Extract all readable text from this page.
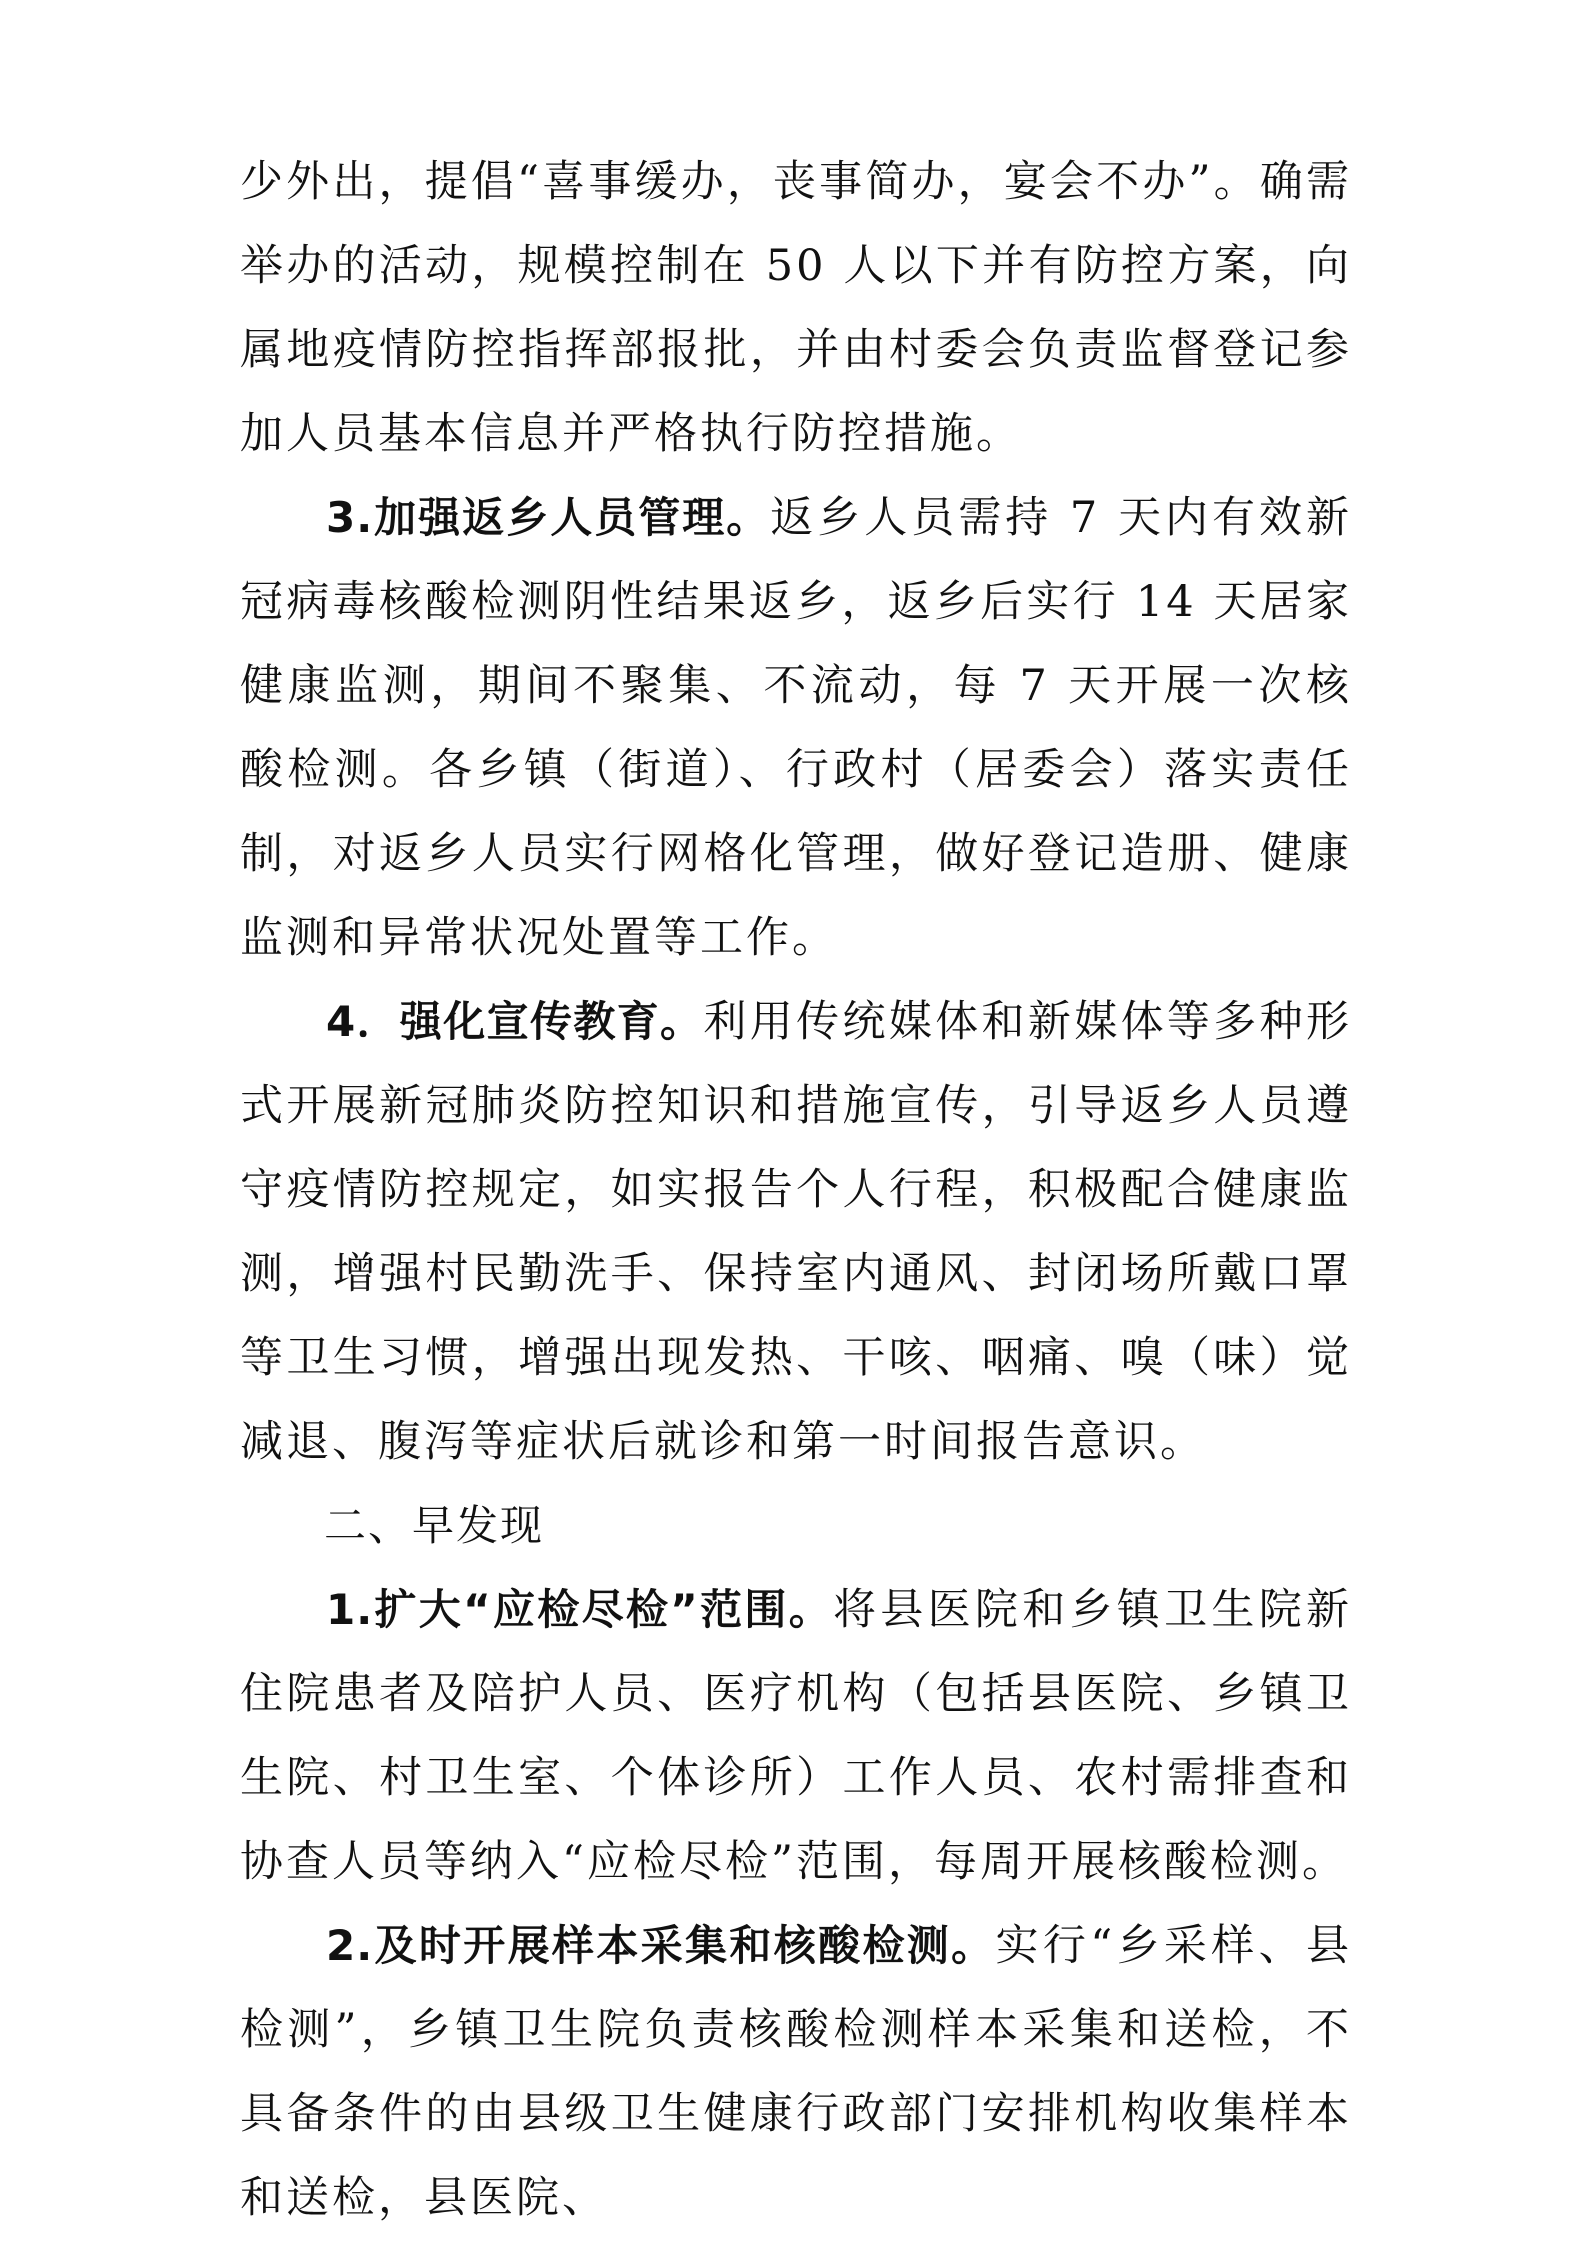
少外出，提倡“喜事缓办，丧事简办，宴会不办”。确需举办的活动，规模控制在 50 人以下并有防控方案，向属地疫情防控指挥部报批，并由村委会负责监督登记参加人员基本信息并严格执行防控措施。

3.加强返乡人员管理。返乡人员需持 7 天内有效新冠病毒核酸检测阴性结果返乡，返乡后实行 14 天居家健康监测，期间不聚集、不流动，每 7 天开展一次核酸检测。各乡镇（街道）、行政村（居委会）落实责任制，对返乡人员实行网格化管理，做好登记造册、健康监测和异常状况处置等工作。

4．强化宣传教育。利用传统媒体和新媒体等多种形式开展新冠肺炎防控知识和措施宣传，引导返乡人员遵守疫情防控规定，如实报告个人行程，积极配合健康监测，增强村民勤洗手、保持室内通风、封闭场所戴口罩等卫生习惯，增强出现发热、干咳、咽痛、嗅（味）觉减退、腹泻等症状后就诊和第一时间报告意识。

二、早发现

1.扩大“应检尽检”范围。将县医院和乡镇卫生院新住院患者及陪护人员、医疗机构（包括县医院、乡镇卫生院、村卫生室、个体诊所）工作人员、农村需排查和协查人员等纳入“应检尽检”范围，每周开展核酸检测。

2.及时开展样本采集和核酸检测。实行“乡采样、县检测”，乡镇卫生院负责核酸检测样本采集和送检，不具备条件的由县级卫生健康行政部门安排机构收集样本和送检，县医院、
